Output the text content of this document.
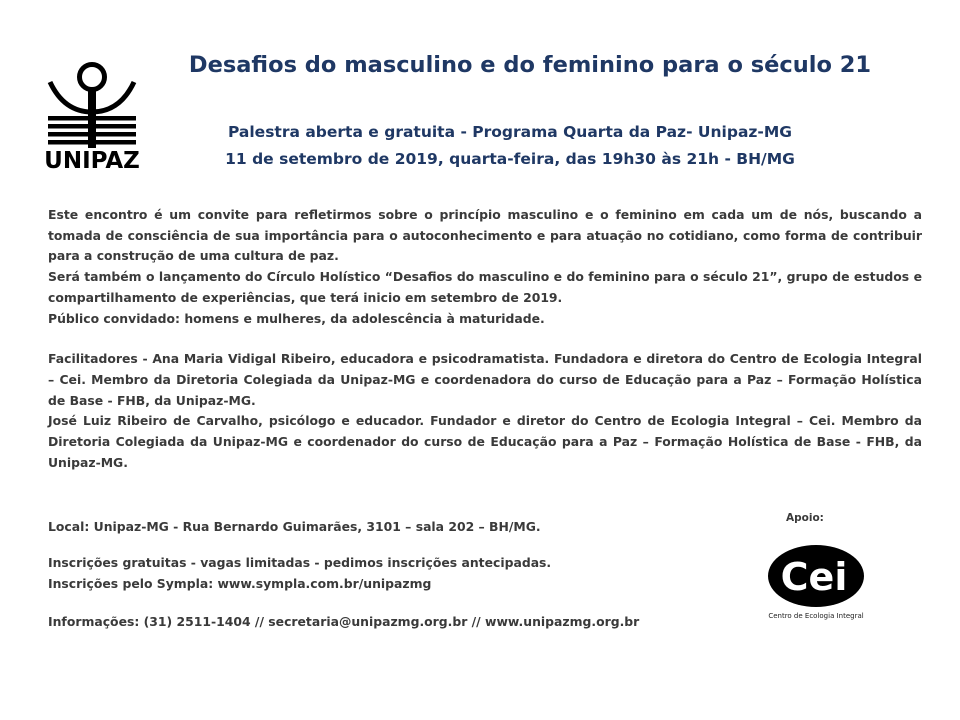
UNIPAZ
Desafios do masculino e do feminino para o século 21
Palestra aberta e gratuita - Programa Quarta da Paz- Unipaz-MG
11 de setembro de 2019, quarta-feira, das 19h30 às 21h - BH/MG

Este encontro é um convite para refletirmos sobre o princípio masculino e o feminino em cada um de nós, buscando a tomada de consciência de sua importância para o autoconhecimento e para atuação no cotidiano, como forma de contribuir para a construção de uma cultura de paz.

Será também o lançamento do Círculo Holístico “Desafios do masculino e do feminino para o século 21”, grupo de estudos e compartilhamento de experiências, que terá inicio em setembro de 2019.

Público convidado: homens e mulheres, da adolescência à maturidade.

Facilitadores - Ana Maria Vidigal Ribeiro, educadora e psicodramatista. Fundadora e diretora do Centro de Ecologia Integral – Cei. Membro da Diretoria Colegiada da Unipaz-MG e coordenadora do curso de Educação para a Paz – Formação Holística de Base - FHB, da Unipaz-MG.

José Luiz Ribeiro de Carvalho, psicólogo e educador. Fundador e diretor do Centro de Ecologia Integral – Cei. Membro da Diretoria Colegiada da Unipaz-MG e coordenador do curso de Educação para a Paz – Formação Holística de Base - FHB, da Unipaz-MG.

Local: Unipaz-MG - Rua Bernardo Guimarães, 3101 – sala 202 – BH/MG.

Inscrições gratuitas - vagas limitadas - pedimos inscrições antecipadas.

Inscrições pelo Sympla: www.sympla.com.br/unipazmg

Informações: (31) 2511-1404 // secretaria@unipazmg.org.br // www.unipazmg.org.br

Apoio:
Cei
Centro de Ecologia Integral
